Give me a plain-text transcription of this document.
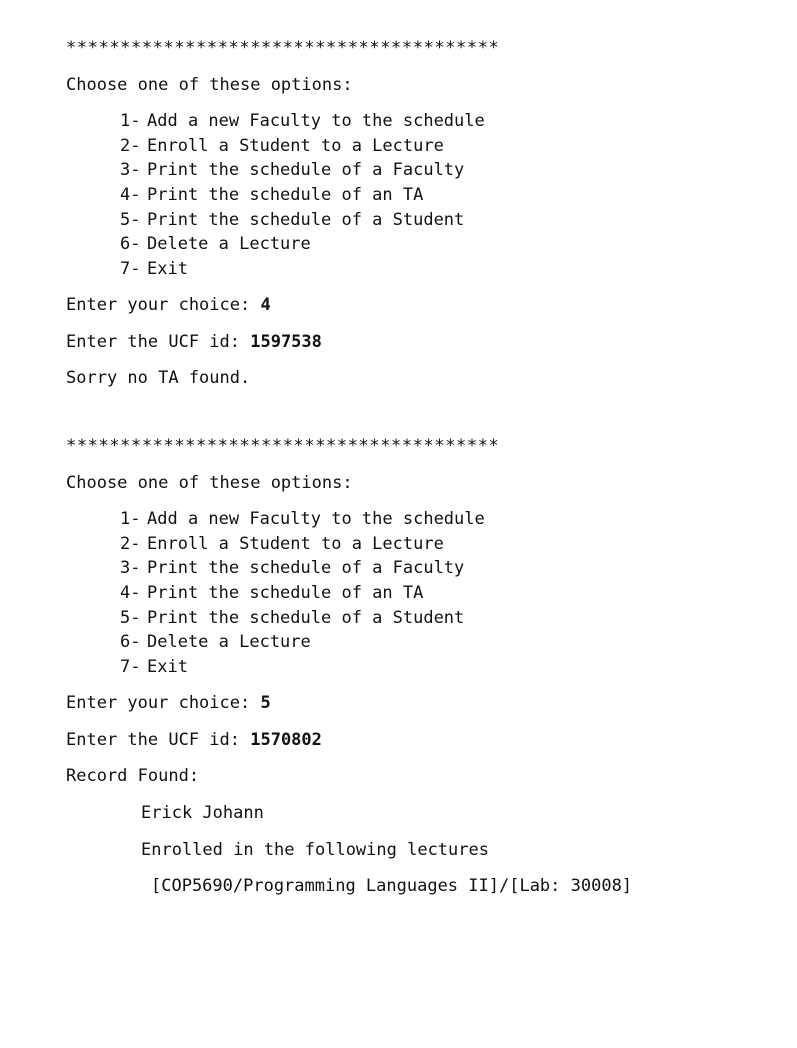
****************************************
Choose one of these options:
1- Add a new Faculty to the schedule
2- Enroll a Student to a Lecture
3- Print the schedule of a Faculty
4- Print the schedule of an TA
5- Print the schedule of a Student
6- Delete a Lecture
7- Exit
Enter your choice: 4
Enter the UCF id: 1597538
Sorry no TA found.
****************************************
Choose one of these options:
1- Add a new Faculty to the schedule
2- Enroll a Student to a Lecture
3- Print the schedule of a Faculty
4- Print the schedule of an TA
5- Print the schedule of a Student
6- Delete a Lecture
7- Exit
Enter your choice: 5
Enter the UCF id: 1570802
Record Found:
Erick Johann
Enrolled in the following lectures
[COP5690/Programming Languages II]/[Lab: 30008]
